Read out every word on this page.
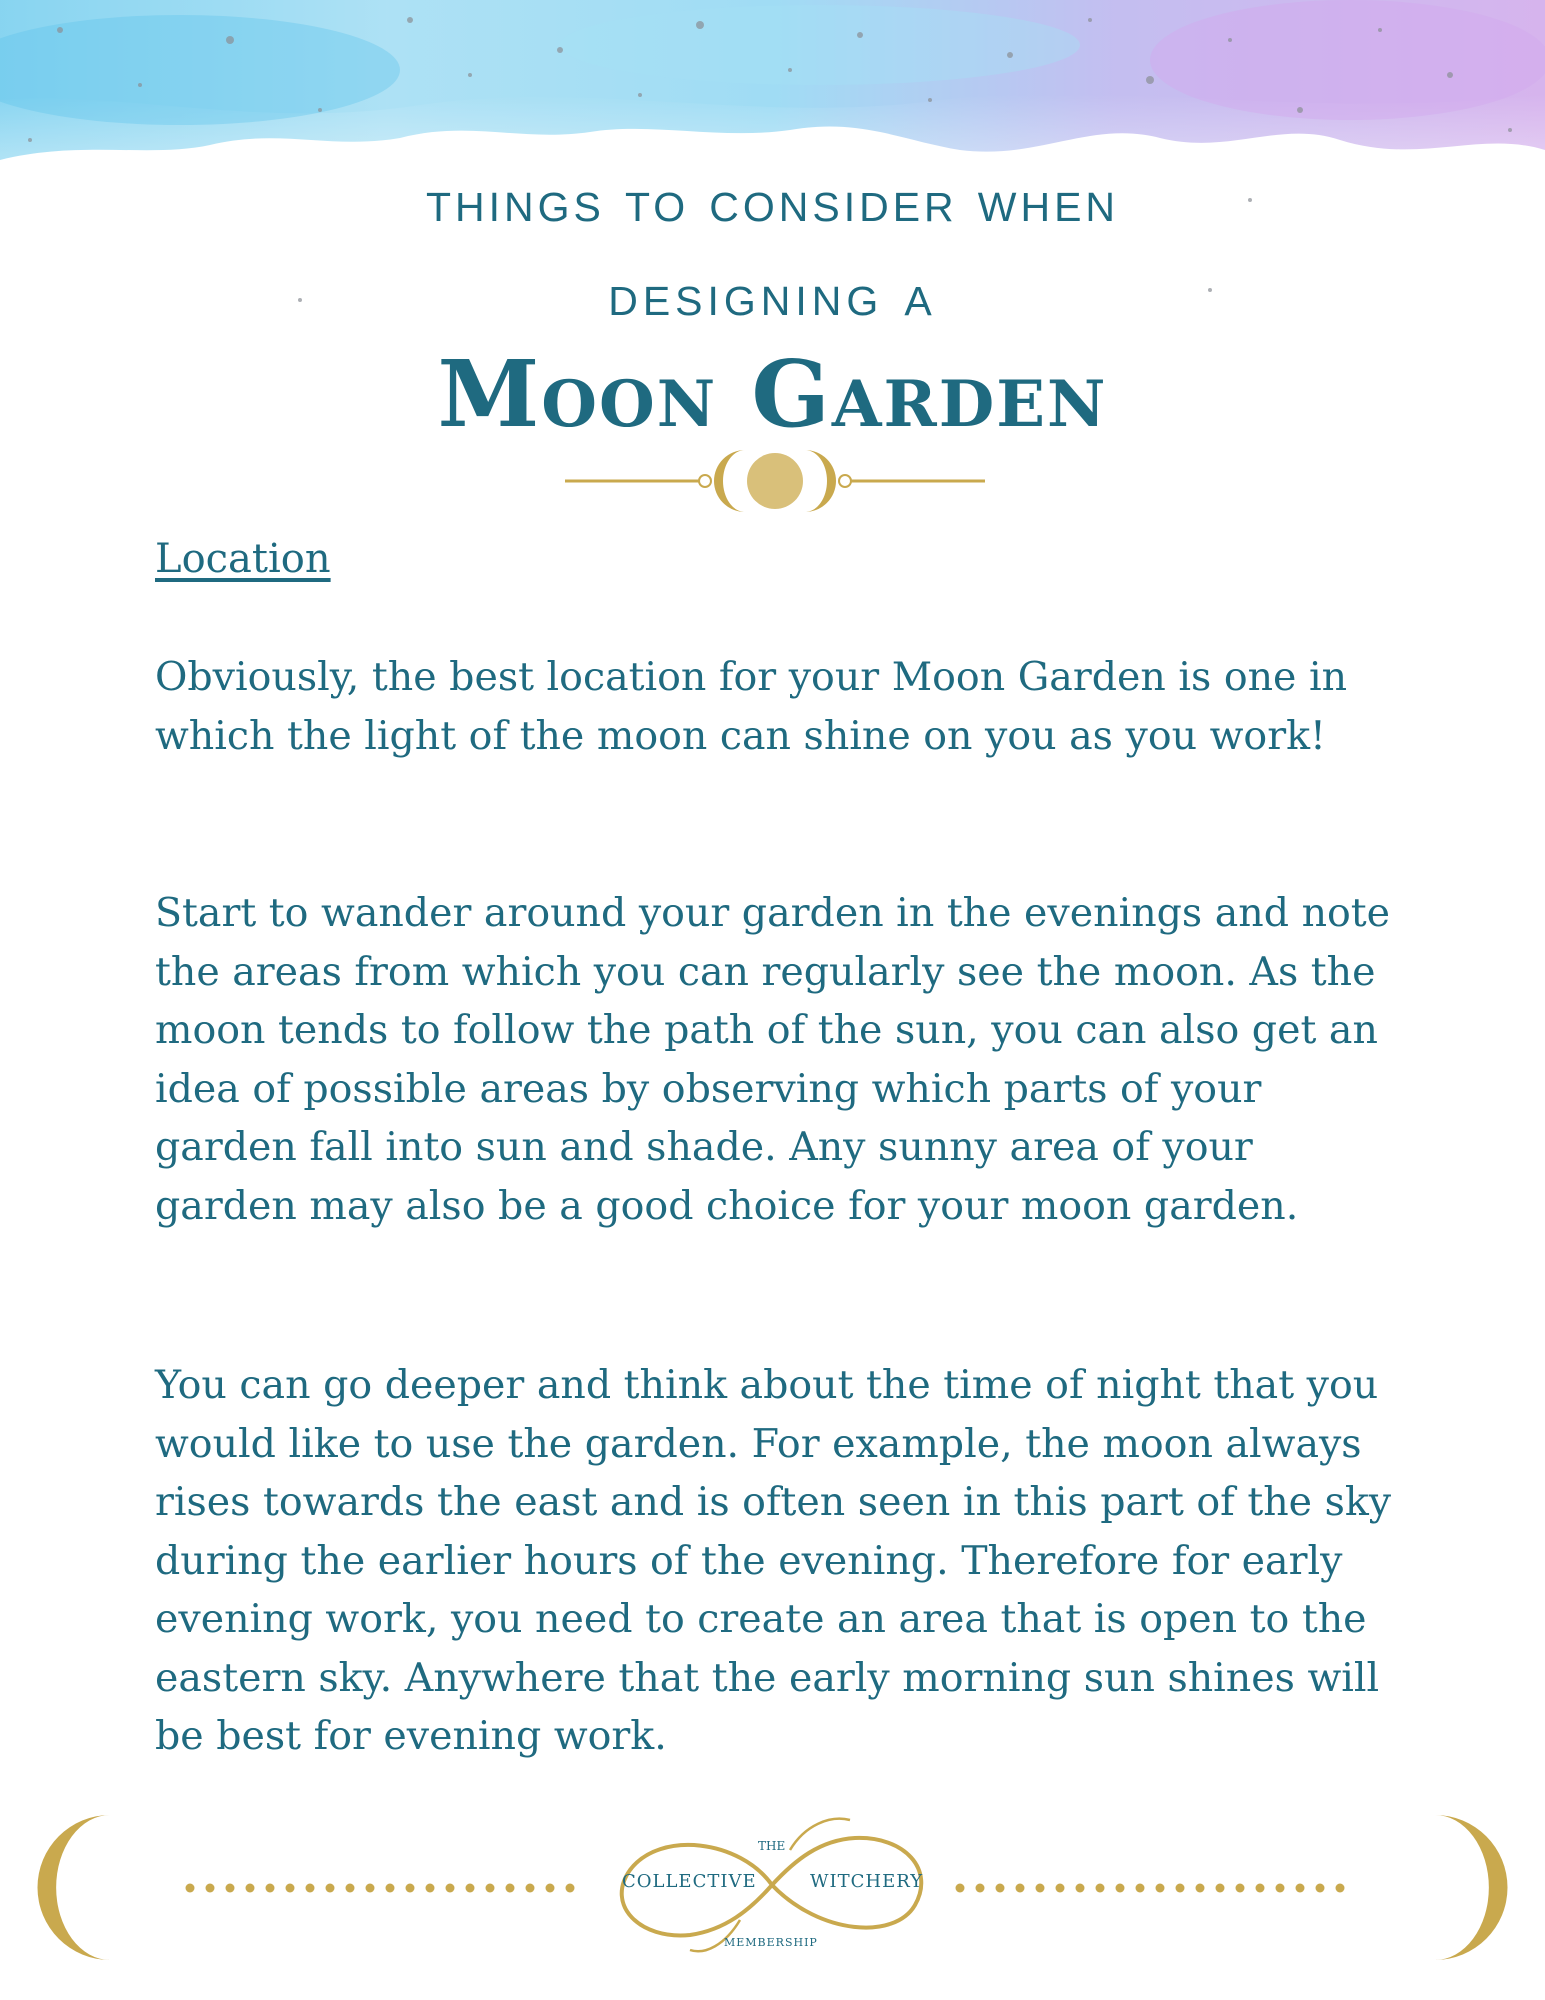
things to consider when
designing a
Moon Garden
Location

Obviously, the best location for your Moon Garden is one in which the light of the moon can shine on you as you work!

Start to wander around your garden in the evenings and note the areas from which you can regularly see the moon. As the moon tends to follow the path of the sun, you can also get an idea of possible areas by observing which parts of your garden fall into sun and shade. Any sunny area of your garden may also be a good choice for your moon garden.

You can go deeper and think about the time of night that you would like to use the garden. For example, the moon always rises towards the east and is often seen in this part of the sky during the earlier hours of the evening. Therefore for early evening work, you need to create an area that is open to the eastern sky. Anywhere that the early morning sun shines will be best for evening work.

the
collective witchery
membership
